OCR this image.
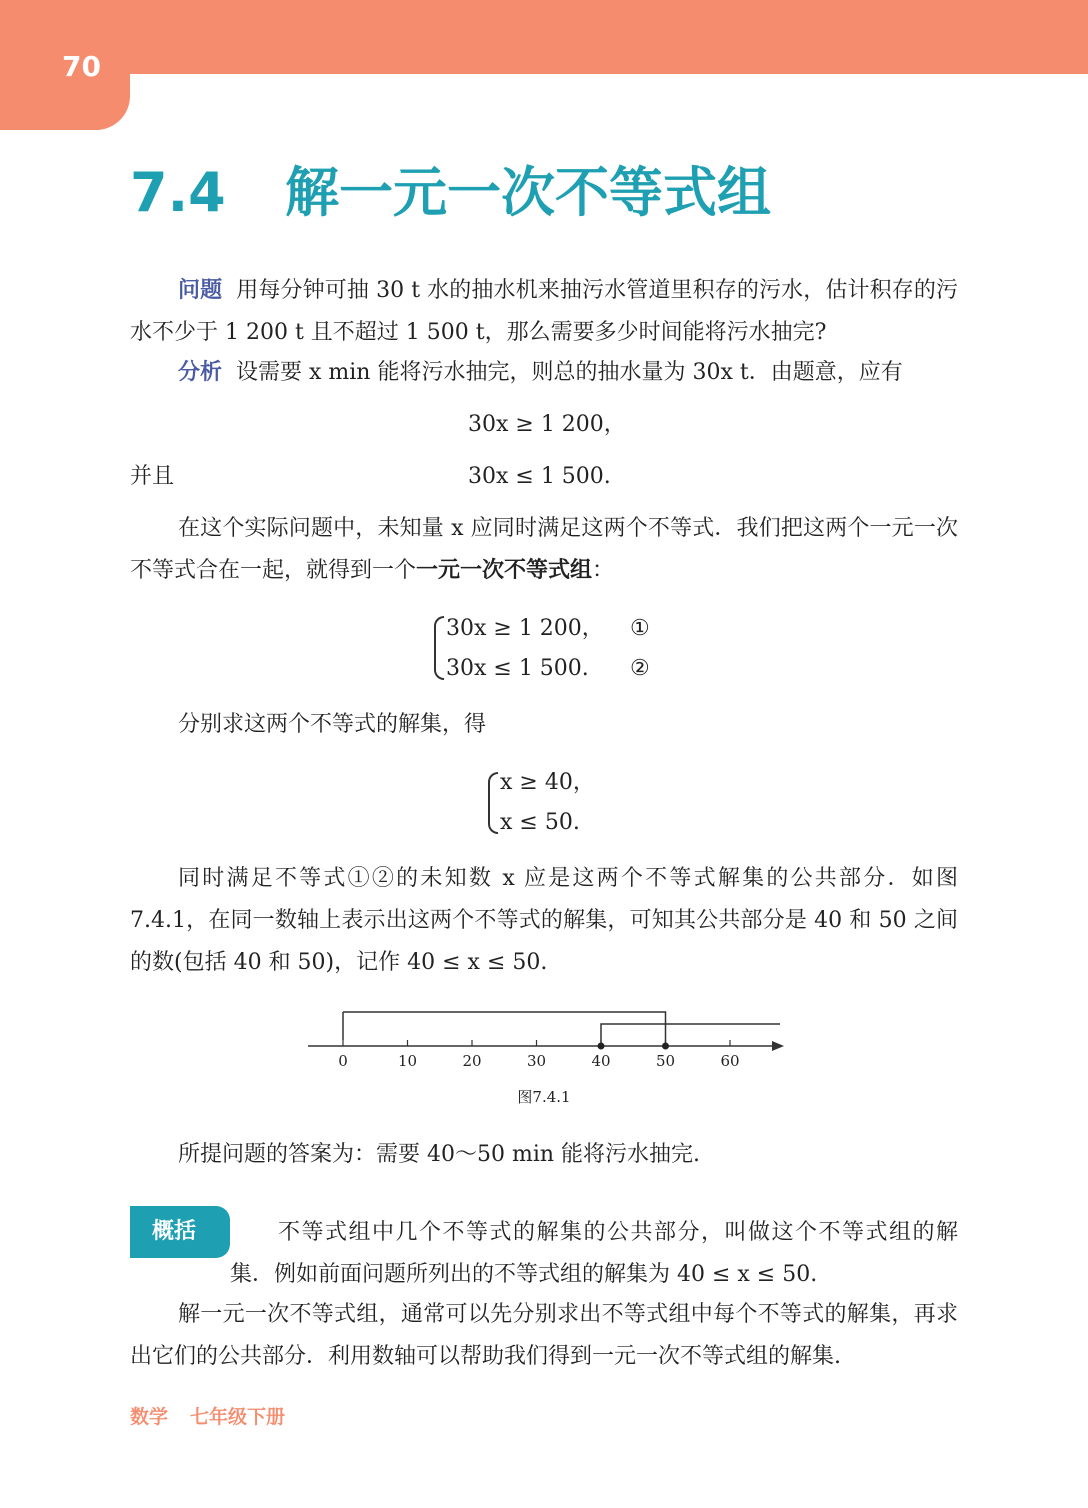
70
7.4 解一元一次不等式组

问题 用每分钟可抽 30 t 水的抽水机来抽污水管道里积存的污水，估计积存的污水不少于 1 200 t 且不超过 1 500 t，那么需要多少时间能将污水抽完?

分析 设需要 x min 能将污水抽完，则总的抽水量为 30x t．由题意，应有

30x ≥ 1 200，
并且	30x ≤ 1 500.

在这个实际问题中，未知量 x 应同时满足这两个不等式．我们把这两个一元一次不等式合在一起，就得到一个一元一次不等式组：

30x ≥ 1 200， ①
30x ≤ 1 500. ②

分别求这两个不等式的解集，得

x ≥ 40，
x ≤ 50.

同时满足不等式①②的未知数 x 应是这两个不等式解集的公共部分．如图 7.4.1，在同一数轴上表示出这两个不等式的解集，可知其公共部分是 40 和 50 之间的数(包括 40 和 50)，记作 40 ≤ x ≤ 50.

0	10	20	30	40	50	60
图7.4.1

所提问题的答案为：需要 40～50 min 能将污水抽完.

概括	不等式组中几个不等式的解集的公共部分，叫做这个不等式组的解集．例如前面问题所列出的不等式组的解集为 40 ≤ x ≤ 50.

解一元一次不等式组，通常可以先分别求出不等式组中每个不等式的解集，再求出它们的公共部分．利用数轴可以帮助我们得到一元一次不等式组的解集.

数学 七年级下册
